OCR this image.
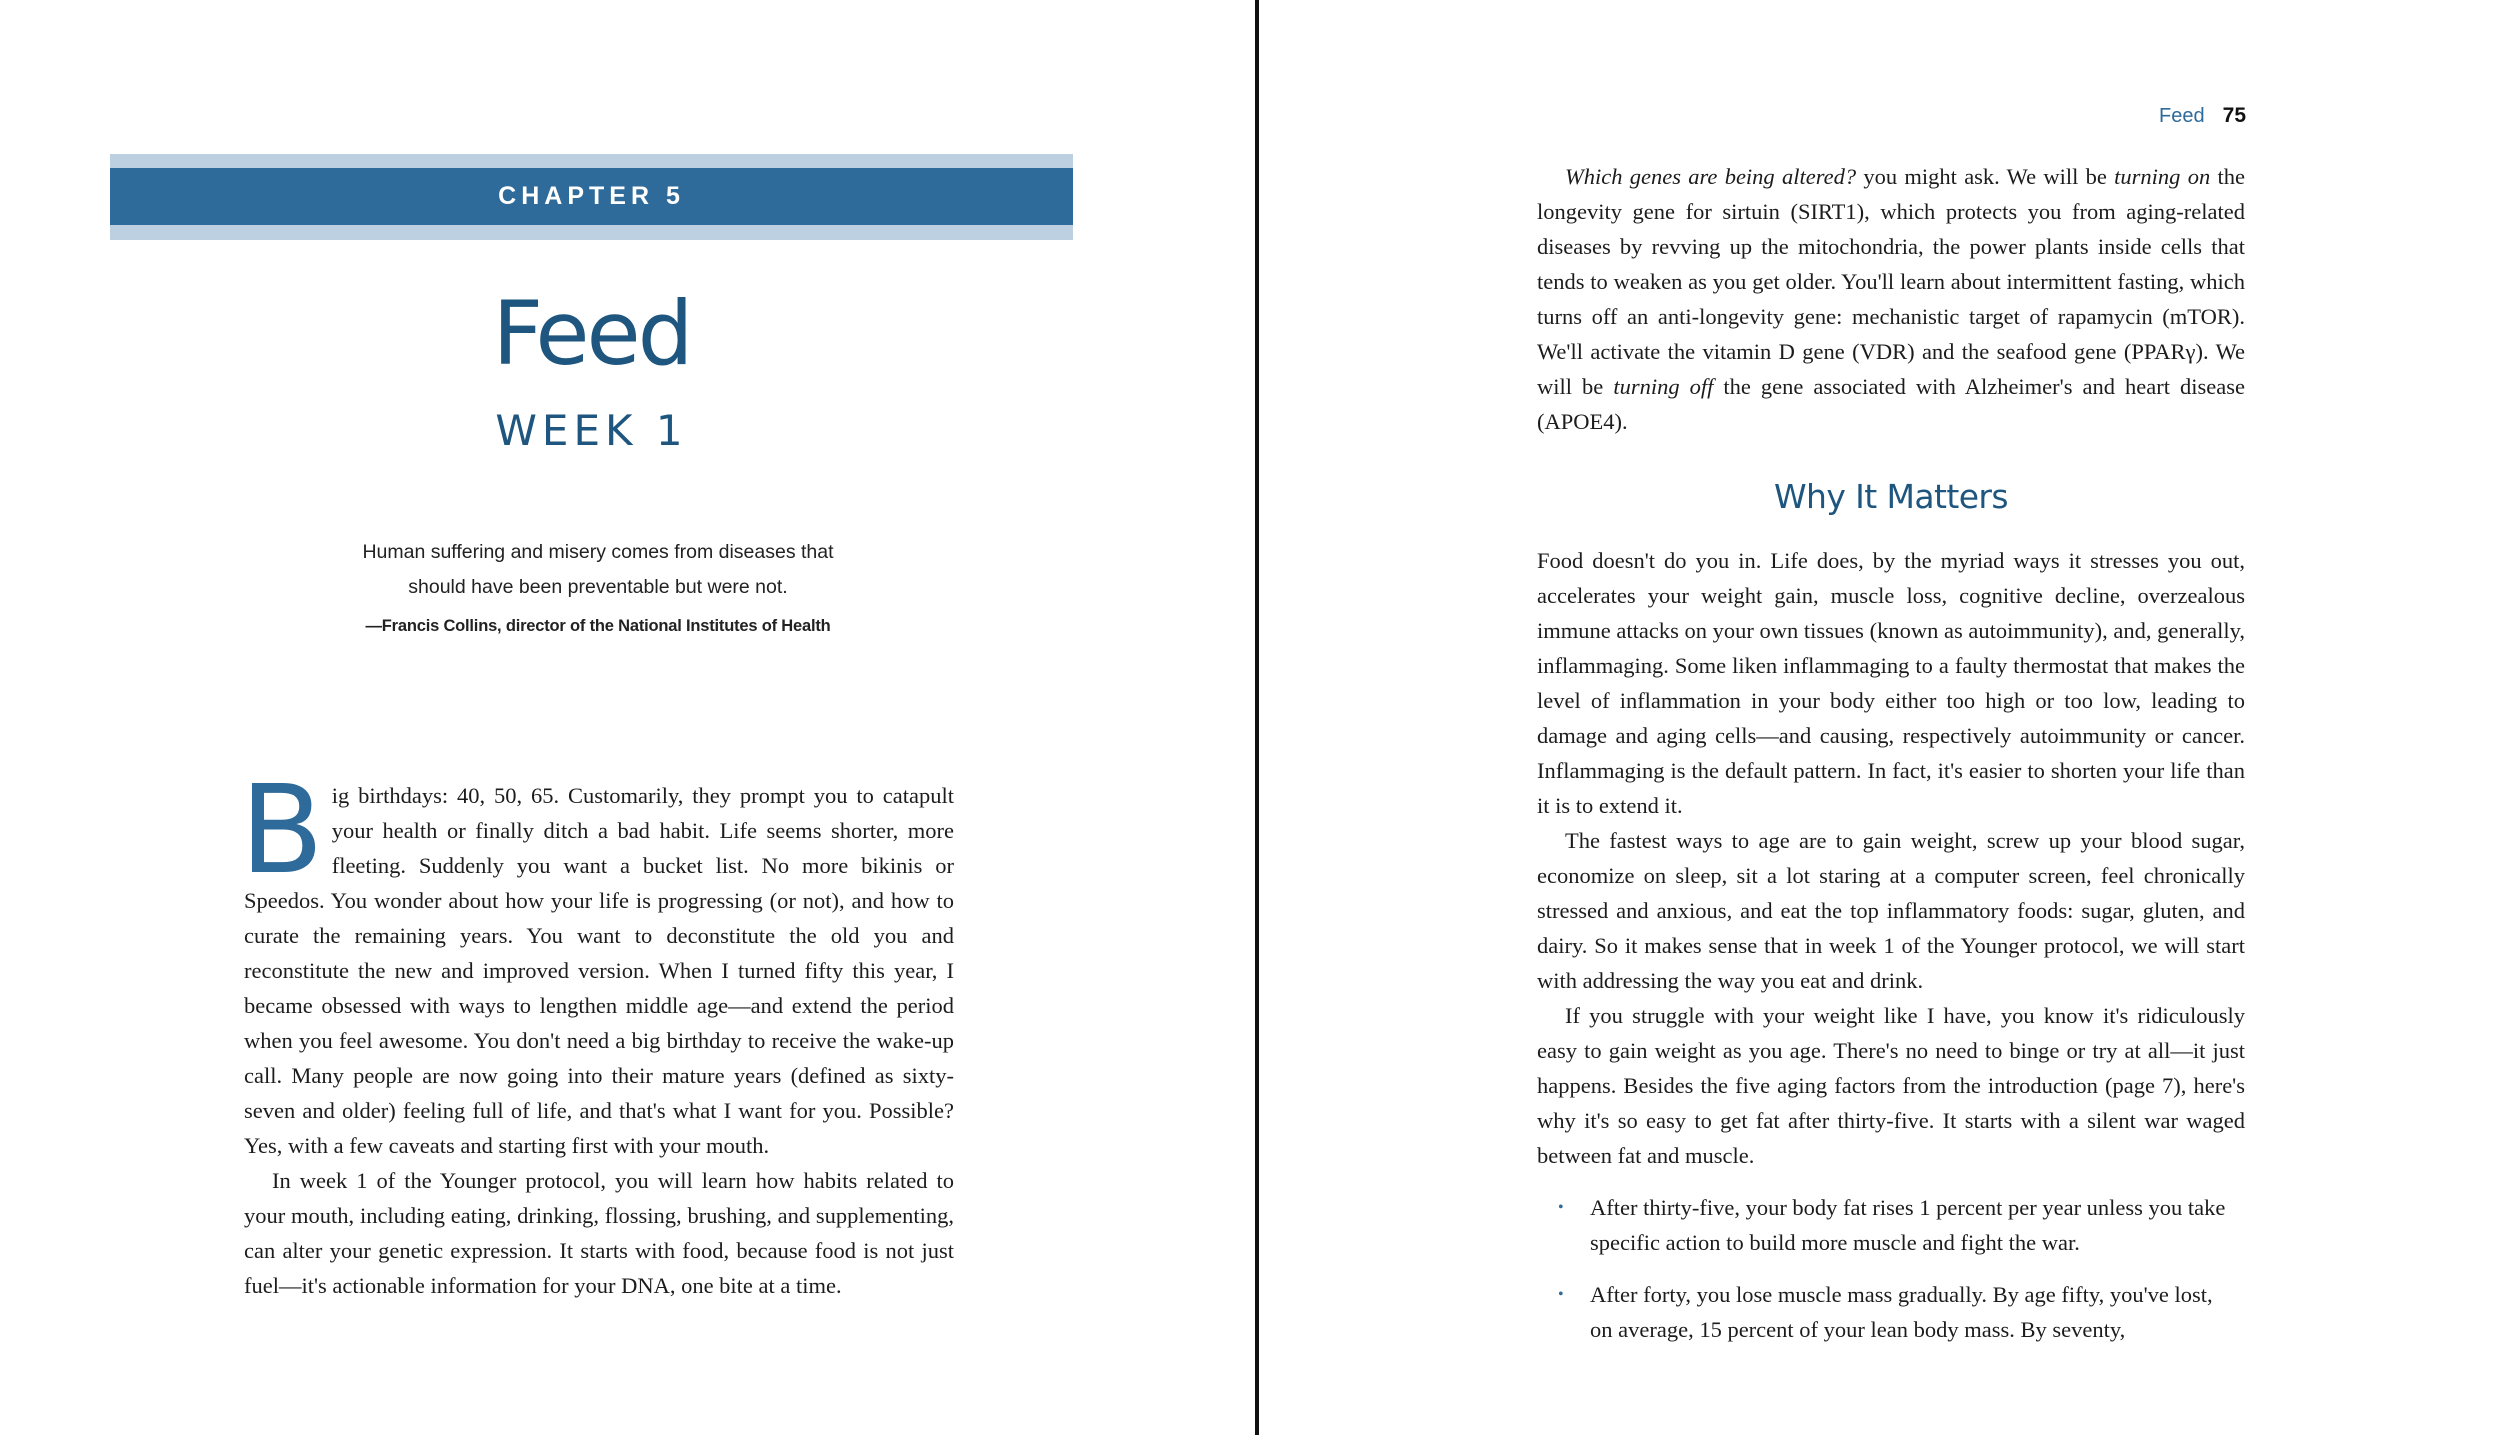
CHAPTER 5
Feed
WEEK 1
Human suffering and misery comes from diseases that
should have been preventable but were not.
—Francis Collins, director of the National Institutes of Health

Big birthdays: 40, 50, 65. Customarily, they prompt you to catapult your health or finally ditch a bad habit. Life seems shorter, more fleeting. Suddenly you want a bucket list. No more bikinis or Speedos. You wonder about how your life is progressing (or not), and how to curate the remaining years. You want to deconstitute the old you and reconstitute the new and improved version. When I turned fifty this year, I became obsessed with ways to lengthen middle age—and extend the period when you feel awesome. You don't need a big birthday to receive the wake-up call. Many people are now going into their mature years (defined as sixty-seven and older) feeling full of life, and that's what I want for you. Possible? Yes, with a few caveats and starting first with your mouth.

In week 1 of the Younger protocol, you will learn how habits related to your mouth, including eating, drinking, flossing, brushing, and supplementing, can alter your genetic expression. It starts with food, because food is not just fuel—it's actionable information for your DNA, one bite at a time.

Feed 75

Which genes are being altered? you might ask. We will be turning on the longevity gene for sirtuin (SIRT1), which protects you from aging-related diseases by revving up the mitochondria, the power plants inside cells that tends to weaken as you get older. You'll learn about intermittent fasting, which turns off an anti-longevity gene: mechanistic target of rapamycin (mTOR). We'll activate the vitamin D gene (VDR) and the seafood gene (PPARγ). We will be turning off the gene associated with Alzheimer's and heart disease (APOE4).

Why It Matters

Food doesn't do you in. Life does, by the myriad ways it stresses you out, accelerates your weight gain, muscle loss, cognitive decline, overzealous immune attacks on your own tissues (known as autoimmunity), and, generally, inflammaging. Some liken inflammaging to a faulty thermostat that makes the level of inflammation in your body either too high or too low, leading to damage and aging cells—and causing, respectively autoimmunity or cancer. Inflammaging is the default pattern. In fact, it's easier to shorten your life than it is to extend it.

The fastest ways to age are to gain weight, screw up your blood sugar, economize on sleep, sit a lot staring at a computer screen, feel chronically stressed and anxious, and eat the top inflammatory foods: sugar, gluten, and dairy. So it makes sense that in week 1 of the Younger protocol, we will start with addressing the way you eat and drink.

If you struggle with your weight like I have, you know it's ridiculously easy to gain weight as you age. There's no need to binge or try at all—it just happens. Besides the five aging factors from the introduction (page 7), here's why it's so easy to get fat after thirty-five. It starts with a silent war waged between fat and muscle.

• After thirty-five, your body fat rises 1 percent per year unless you take specific action to build more muscle and fight the war.
• After forty, you lose muscle mass gradually. By age fifty, you've lost, on average, 15 percent of your lean body mass. By seventy,
